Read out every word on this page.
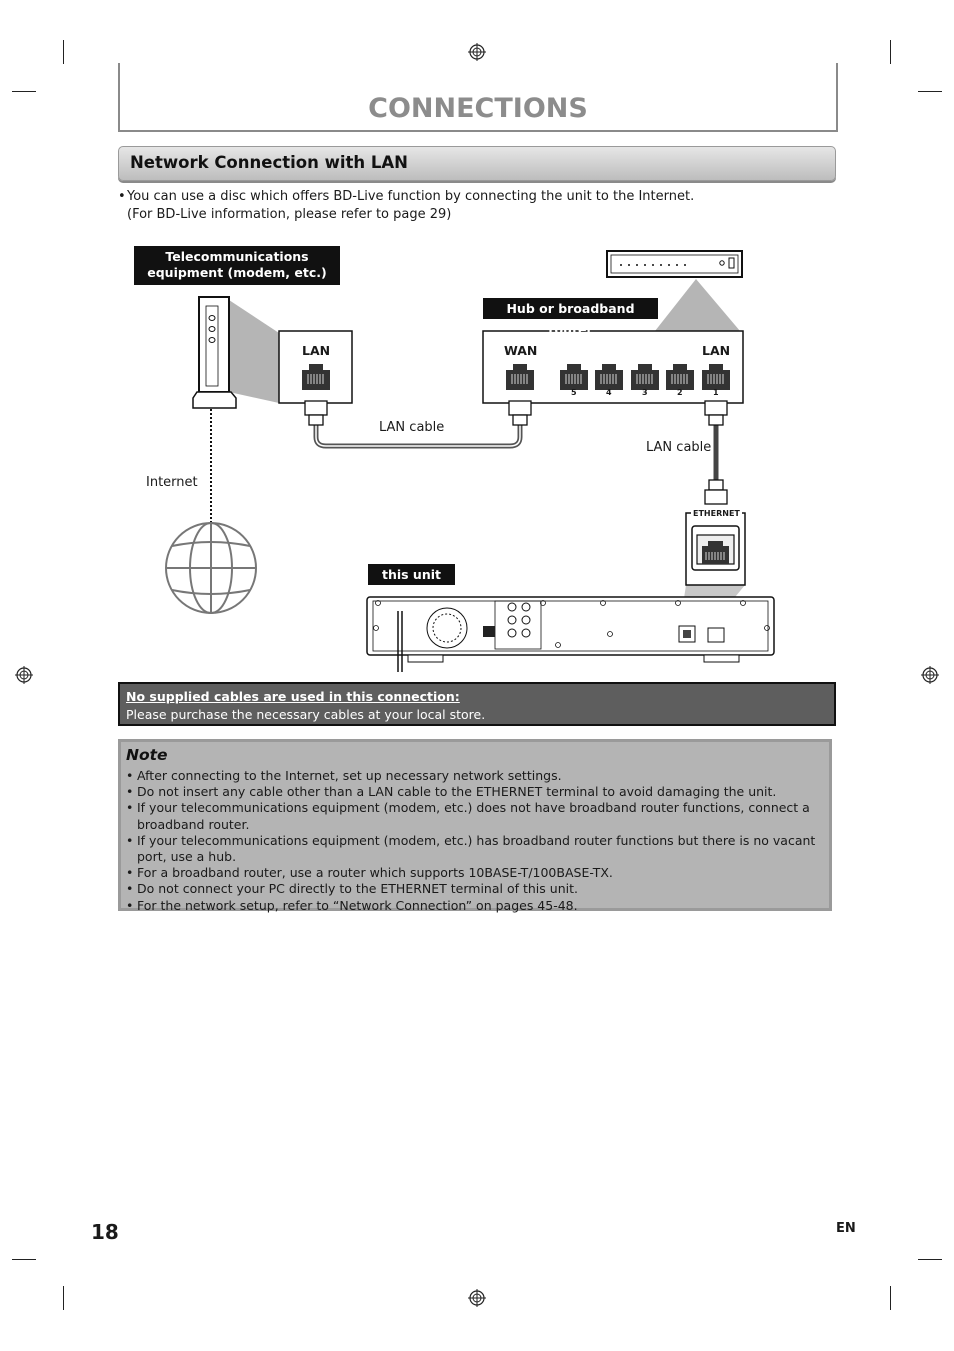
CONNECTIONS
Network Connection with LAN
•You can use a disc which offers BD-Live function by connecting the unit to the Internet.
(For BD-Live information, please refer to page 29)
Telecommunications
equipment (modem, etc.)
Hub or broadband router
this unit
LAN	WAN	LAN
5	4	3	2	1
LAN cable
LAN cable
Internet
ETHERNET
No supplied cables are used in this connection:
Please purchase the necessary cables at your local store.
Note
• After connecting to the Internet, set up necessary network settings.
• Do not insert any cable other than a LAN cable to the ETHERNET terminal to avoid damaging the unit.
• If your telecommunications equipment (modem, etc.) does not have broadband router functions, connect a broadband router.
• If your telecommunications equipment (modem, etc.) has broadband router functions but there is no vacant port, use a hub.
• For a broadband router, use a router which supports 10BASE-T/100BASE-TX.
• Do not connect your PC directly to the ETHERNET terminal of this unit.
• For the network setup, refer to “Network Connection” on pages 45-48.
18	EN
